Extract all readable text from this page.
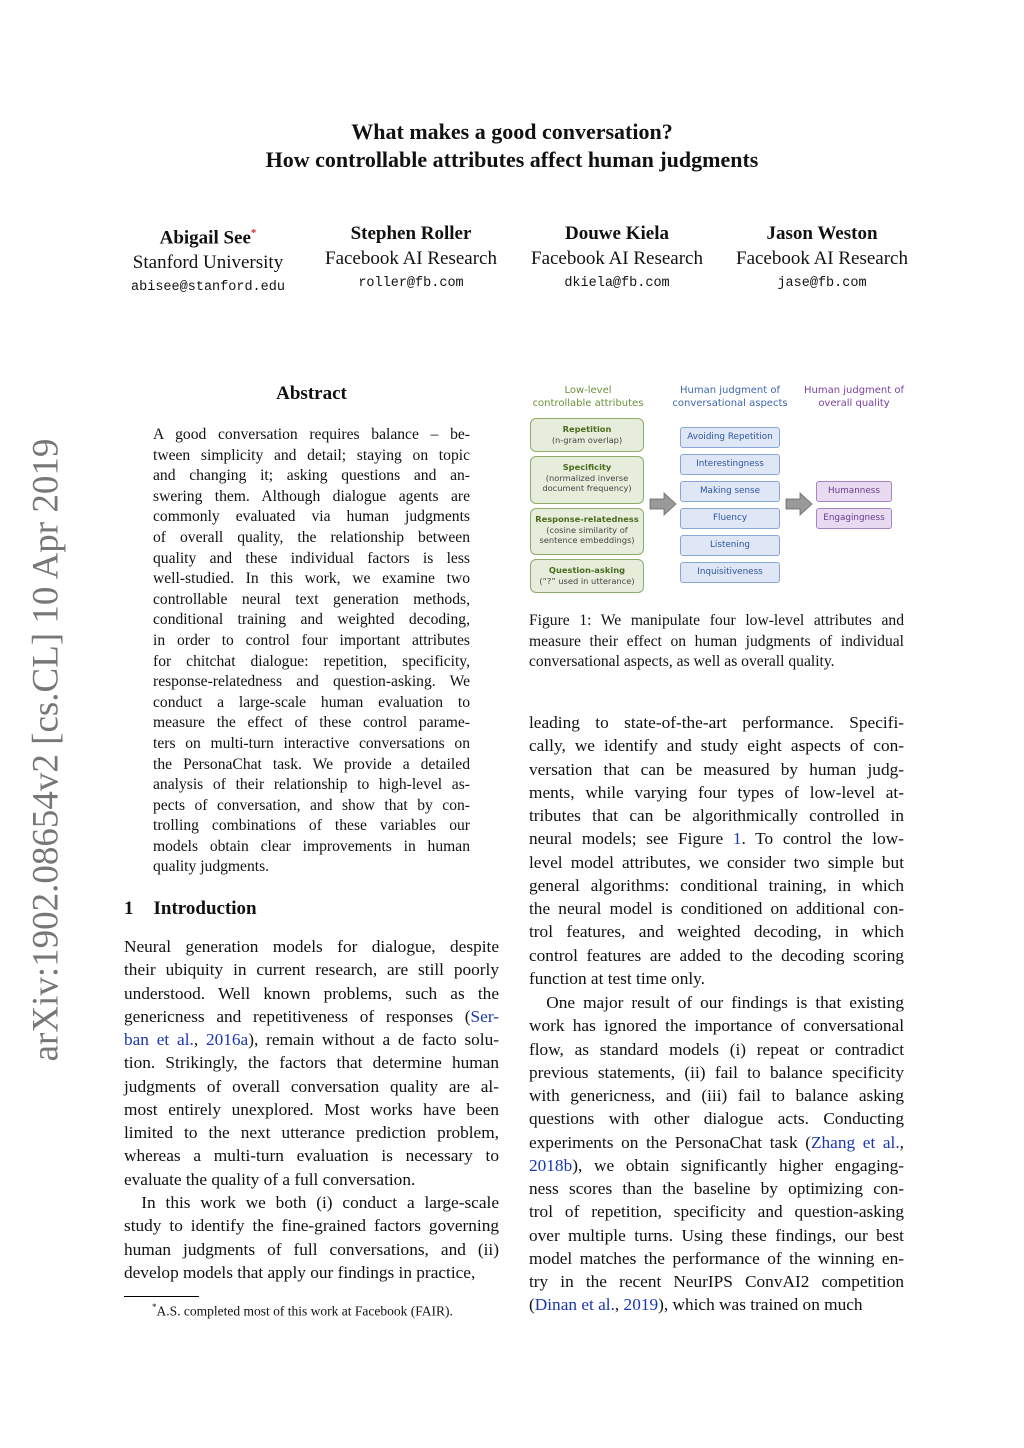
arXiv:1902.08654v2 [cs.CL] 10 Apr 2019
What makes a good conversation?
How controllable attributes affect human judgments
Abigail See*
Stanford University
abisee@stanford.edu
Stephen Roller
Facebook AI Research
roller@fb.com
Douwe Kiela
Facebook AI Research
dkiela@fb.com
Jason Weston
Facebook AI Research
jase@fb.com
Abstract
A good conversation requires balance – be-
tween simplicity and detail; staying on topic
and changing it; asking questions and an-
swering them. Although dialogue agents are
commonly evaluated via human judgments
of overall quality, the relationship between
quality and these individual factors is less
well-studied. In this work, we examine two
controllable neural text generation methods,
conditional training and weighted decoding,
in order to control four important attributes
for chitchat dialogue: repetition, specificity,
response-relatedness and question-asking. We
conduct a large-scale human evaluation to
measure the effect of these control parame-
ters on multi-turn interactive conversations on
the PersonaChat task. We provide a detailed
analysis of their relationship to high-level as-
pects of conversation, and show that by con-
trolling combinations of these variables our
models obtain clear improvements in human
quality judgments.
1 Introduction
Neural generation models for dialogue, despite
their ubiquity in current research, are still poorly
understood. Well known problems, such as the
genericness and repetitiveness of responses (Ser-
ban et al., 2016a), remain without a de facto solu-
tion. Strikingly, the factors that determine human
judgments of overall conversation quality are al-
most entirely unexplored. Most works have been
limited to the next utterance prediction problem,
whereas a multi-turn evaluation is necessary to
evaluate the quality of a full conversation.
 In this work we both (i) conduct a large-scale
study to identify the fine-grained factors governing
human judgments of full conversations, and (ii)
develop models that apply our findings in practice,
*A.S. completed most of this work at Facebook (FAIR).
Low-level
controllable attributes
Human judgment of
conversational aspects
Human judgment of
overall quality
Repetition
(n-gram overlap)
Specificity
(normalized inverse
document frequency)
Response-relatedness
(cosine similarity of
sentence embeddings)
Question-asking
(“?” used in utterance)
Avoiding Repetition
Interestingness
Making sense
Fluency
Listening
Inquisitiveness
Humanness
Engagingness
Figure 1: We manipulate four low-level attributes and
measure their effect on human judgments of individual
conversational aspects, as well as overall quality.
leading to state-of-the-art performance. Specifi-
cally, we identify and study eight aspects of con-
versation that can be measured by human judg-
ments, while varying four types of low-level at-
tributes that can be algorithmically controlled in
neural models; see Figure 1. To control the low-
level model attributes, we consider two simple but
general algorithms: conditional training, in which
the neural model is conditioned on additional con-
trol features, and weighted decoding, in which
control features are added to the decoding scoring
function at test time only.
 One major result of our findings is that existing
work has ignored the importance of conversational
flow, as standard models (i) repeat or contradict
previous statements, (ii) fail to balance specificity
with genericness, and (iii) fail to balance asking
questions with other dialogue acts. Conducting
experiments on the PersonaChat task (Zhang et al.,
2018b), we obtain significantly higher engaging-
ness scores than the baseline by optimizing con-
trol of repetition, specificity and question-asking
over multiple turns. Using these findings, our best
model matches the performance of the winning en-
try in the recent NeurIPS ConvAI2 competition
(Dinan et al., 2019), which was trained on much
